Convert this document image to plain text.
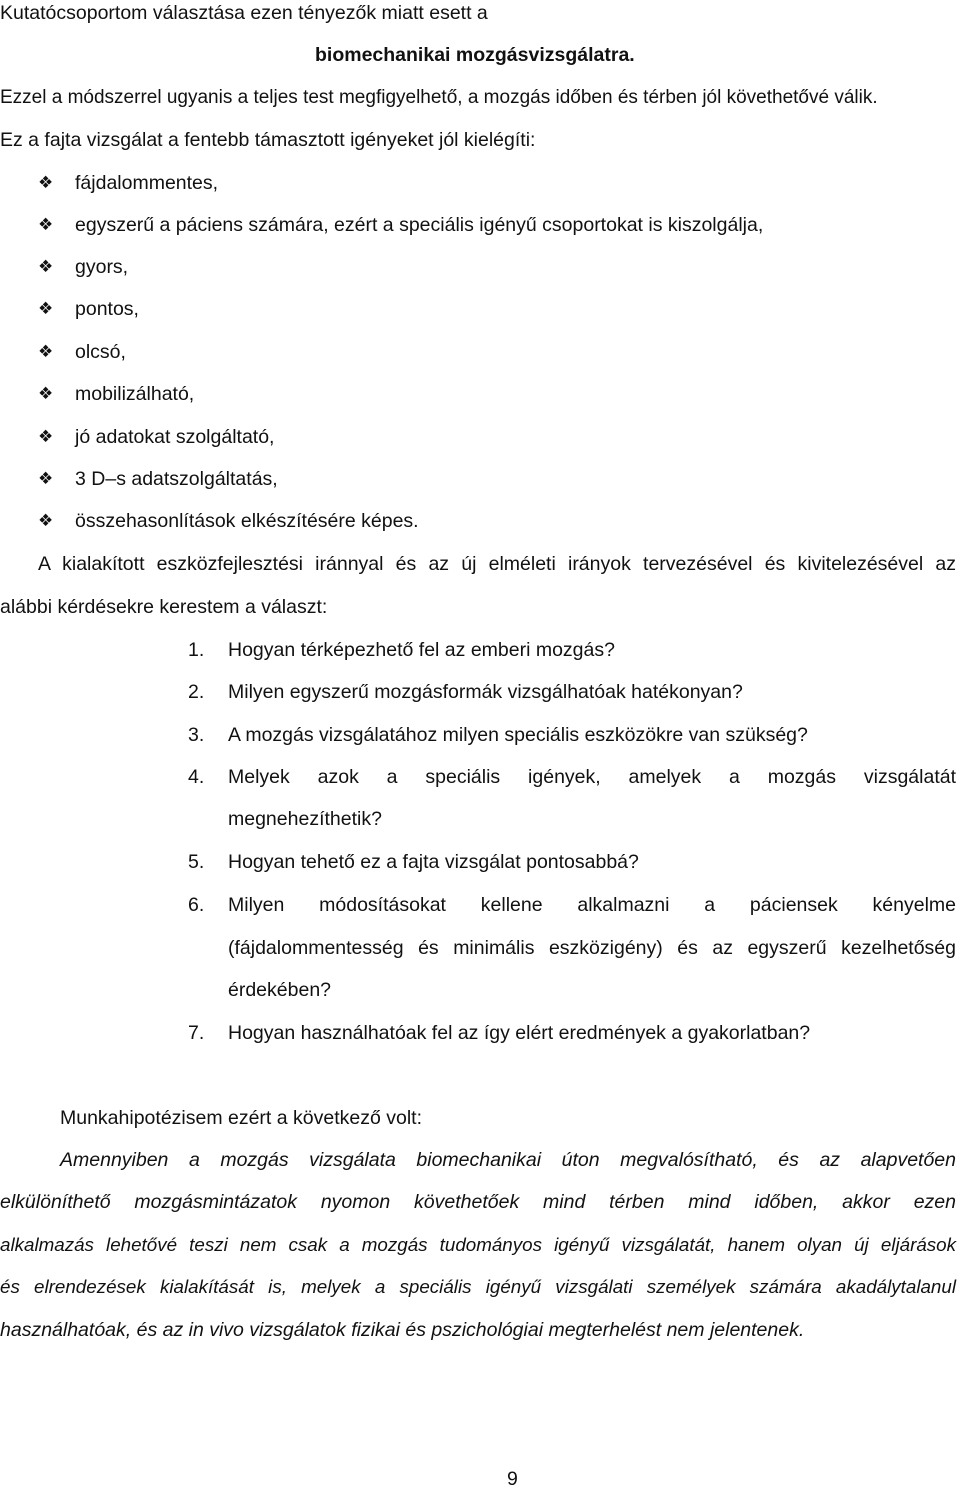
Kutatócsoportom választása ezen tényezők miatt esett a
biomechanikai mozgásvizsgálatra.
Ezzel a módszerrel ugyanis a teljes test megfigyelhető, a mozgás időben és térben jól követhetővé válik.
Ez a fajta vizsgálat a fentebb támasztott igényeket jól kielégíti:
❖	fájdalommentes,
❖	egyszerű a páciens számára, ezért a speciális igényű csoportokat is kiszolgálja,
❖	gyors,
❖	pontos,
❖	olcsó,
❖	mobilizálható,
❖	jó adatokat szolgáltató,
❖	3 D–s adatszolgáltatás,
❖	összehasonlítások elkészítésére képes.
A kialakított eszközfejlesztési iránnyal és az új elméleti irányok tervezésével és kivitelezésével az
alábbi kérdésekre kerestem a választ:
1.	Hogyan térképezhető fel az emberi mozgás?
2.	Milyen egyszerű mozgásformák vizsgálhatóak hatékonyan?
3.	A mozgás vizsgálatához milyen speciális eszközökre van szükség?
4.	Melyek azok a speciális igények, amelyek a mozgás vizsgálatát
megnehezíthetik?
5.	Hogyan tehető ez a fajta vizsgálat pontosabbá?
6.	Milyen módosításokat kellene alkalmazni a páciensek kényelme
(fájdalommentesség és minimális eszközigény) és az egyszerű kezelhetőség
érdekében?
7.	Hogyan használhatóak fel az így elért eredmények a gyakorlatban?
Munkahipotézisem ezért a következő volt:
Amennyiben a mozgás vizsgálata biomechanikai úton megvalósítható, és az alapvetően
elkülöníthető mozgásmintázatok nyomon követhetőek mind térben mind időben, akkor ezen
alkalmazás lehetővé teszi nem csak a mozgás tudományos igényű vizsgálatát, hanem olyan új eljárások
és elrendezések kialakítását is, melyek a speciális igényű vizsgálati személyek számára akadálytalanul
használhatóak, és az in vivo vizsgálatok fizikai és pszichológiai megterhelést nem jelentenek.
9
